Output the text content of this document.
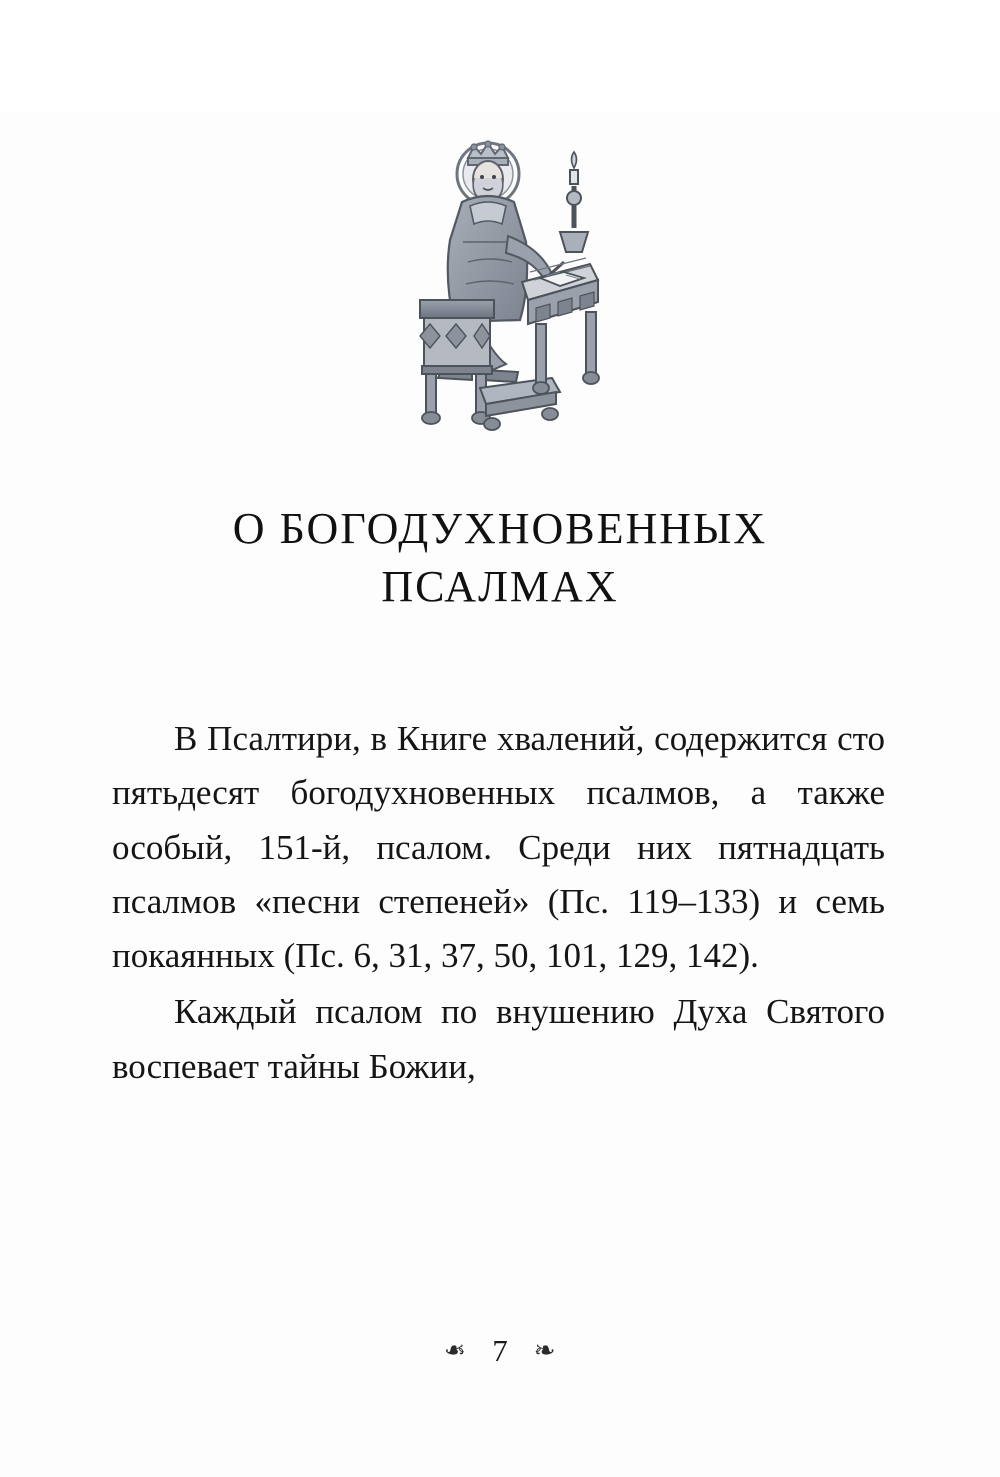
О БОГОДУХНОВЕННЫХ
ПСАЛМАХ

В Псалтири, в Книге хвалений, содержится сто пятьдесят богодухновенных псалмов, а также особый, 151‑й, псалом. Среди них пятнадцать псалмов «песни степеней» (Пс. 119–133) и семь покаянных (Пс. 6, 31, 37, 50, 101, 129, 142).

Каждый псалом по внушению Духа Святого воспевает тайны Божии,

❧ 7 ❧
